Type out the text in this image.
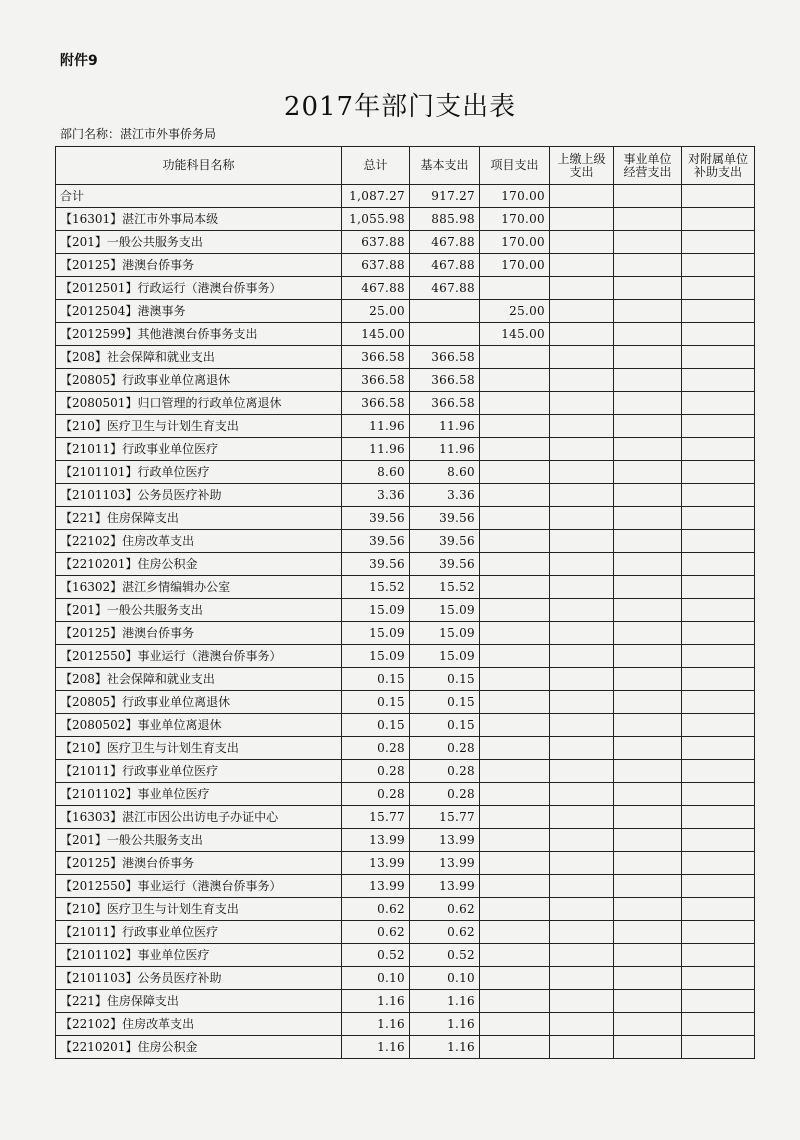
附件9
2017年部门支出表
部门名称：湛江市外事侨务局
功能科目名称	总计	基本支出	项目支出	上缴上级支出	事业单位经营支出	对附属单位补助支出
合计	1,087.27	917.27	170.00			
【16301】湛江市外事局本级	1,055.98	885.98	170.00			
【201】一般公共服务支出	637.88	467.88	170.00			
【20125】港澳台侨事务	637.88	467.88	170.00			
【2012501】行政运行（港澳台侨事务）	467.88	467.88				
【2012504】港澳事务	25.00		25.00			
【2012599】其他港澳台侨事务支出	145.00		145.00			
【208】社会保障和就业支出	366.58	366.58				
【20805】行政事业单位离退休	366.58	366.58				
【2080501】归口管理的行政单位离退休	366.58	366.58				
【210】医疗卫生与计划生育支出	11.96	11.96				
【21011】行政事业单位医疗	11.96	11.96				
【2101101】行政单位医疗	8.60	8.60				
【2101103】公务员医疗补助	3.36	3.36				
【221】住房保障支出	39.56	39.56				
【22102】住房改革支出	39.56	39.56				
【2210201】住房公积金	39.56	39.56				
【16302】湛江乡情编辑办公室	15.52	15.52				
【201】一般公共服务支出	15.09	15.09				
【20125】港澳台侨事务	15.09	15.09				
【2012550】事业运行（港澳台侨事务）	15.09	15.09				
【208】社会保障和就业支出	0.15	0.15				
【20805】行政事业单位离退休	0.15	0.15				
【2080502】事业单位离退休	0.15	0.15				
【210】医疗卫生与计划生育支出	0.28	0.28				
【21011】行政事业单位医疗	0.28	0.28				
【2101102】事业单位医疗	0.28	0.28				
【16303】湛江市因公出访电子办证中心	15.77	15.77				
【201】一般公共服务支出	13.99	13.99				
【20125】港澳台侨事务	13.99	13.99				
【2012550】事业运行（港澳台侨事务）	13.99	13.99				
【210】医疗卫生与计划生育支出	0.62	0.62				
【21011】行政事业单位医疗	0.62	0.62				
【2101102】事业单位医疗	0.52	0.52				
【2101103】公务员医疗补助	0.10	0.10				
【221】住房保障支出	1.16	1.16				
【22102】住房改革支出	1.16	1.16				
【2210201】住房公积金	1.16	1.16				
